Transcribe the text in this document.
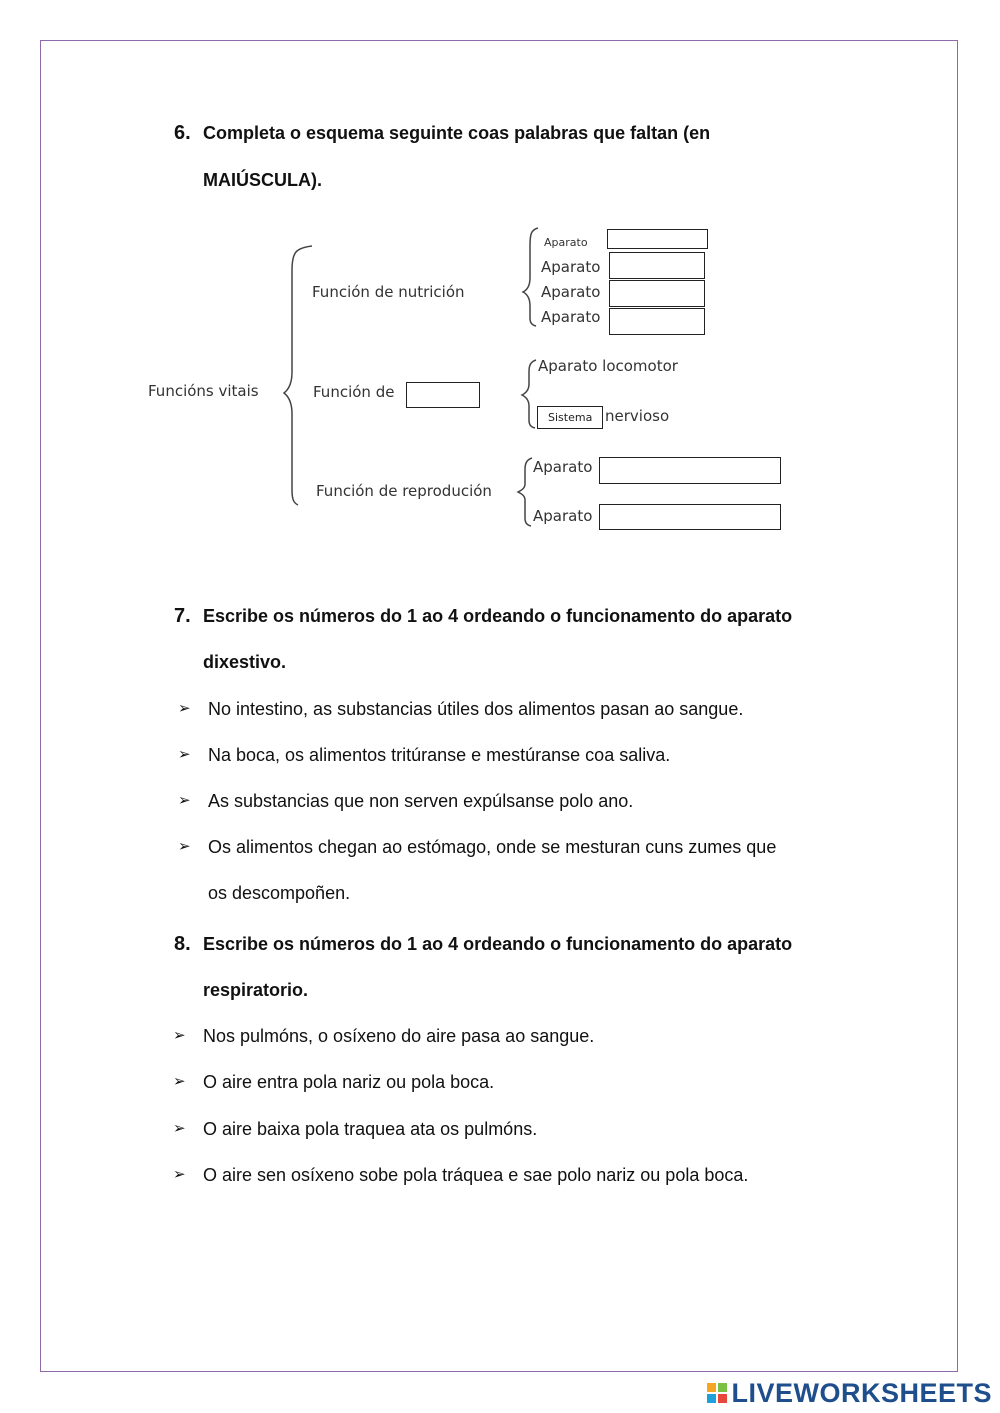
6. Completa o esquema seguinte coas palabras que faltan (en
MAIÚSCULA).
Funcións vitais
Función de nutrición
Función de
Función de reprodución
Aparato
Aparato
Aparato
Aparato
Aparato locomotor
Sistema nervioso
Aparato
Aparato
7. Escribe os números do 1 ao 4 ordeando o funcionamento do aparato
dixestivo.
➢ No intestino, as substancias útiles dos alimentos pasan ao sangue.
➢ Na boca, os alimentos tritúranse e mestúranse coa saliva.
➢ As substancias que non serven expúlsanse polo ano.
➢ Os alimentos chegan ao estómago, onde se mesturan cuns zumes que
os descompoñen.
8. Escribe os números do 1 ao 4 ordeando o funcionamento do aparato
respiratorio.
➢ Nos pulmóns, o osíxeno do aire pasa ao sangue.
➢ O aire entra pola nariz ou pola boca.
➢ O aire baixa pola traquea ata os pulmóns.
➢ O aire sen osíxeno sobe pola tráquea e sae polo nariz ou pola boca.
LIVEWORKSHEETS
